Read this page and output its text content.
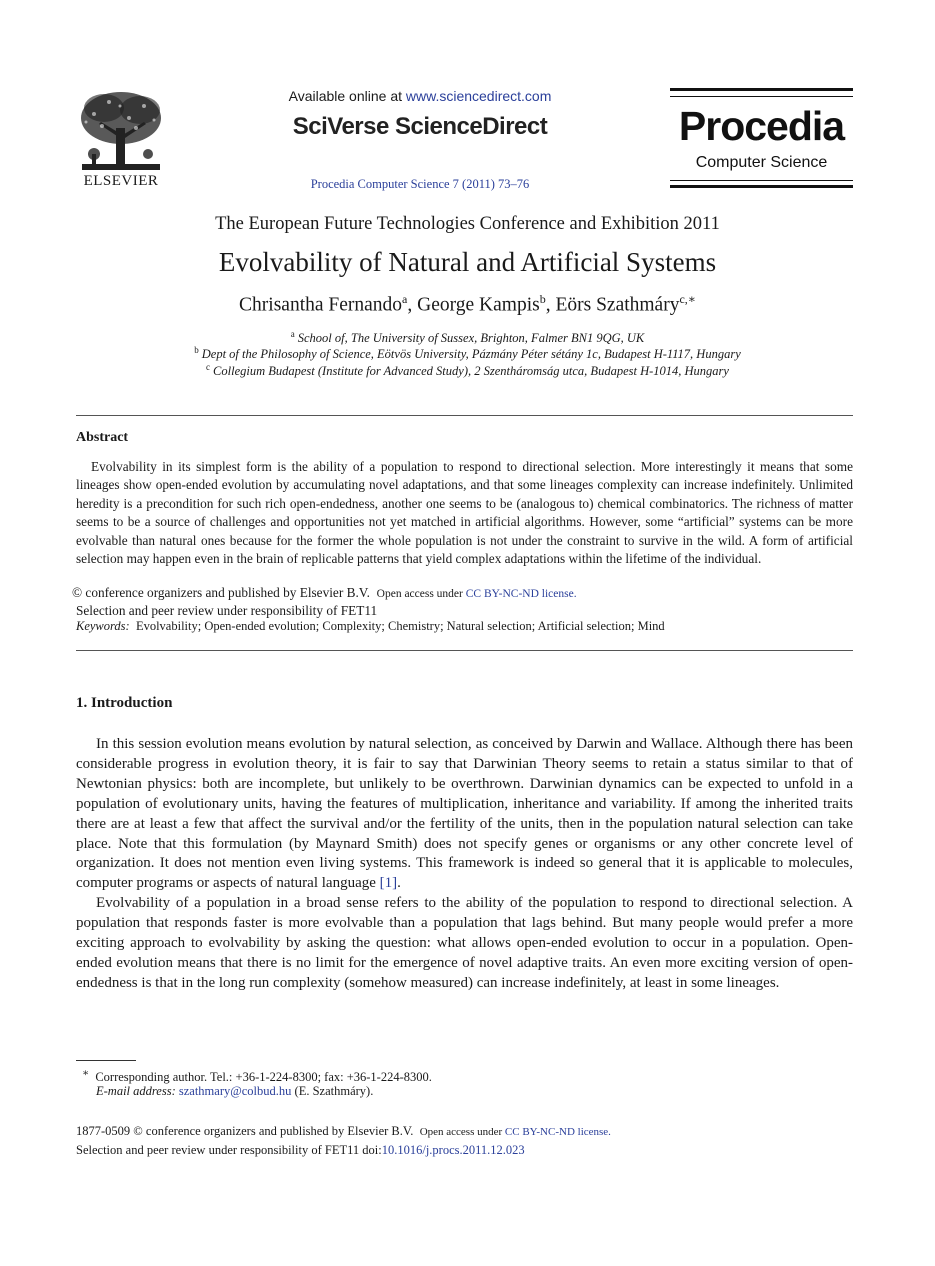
ELSEVIER
Available online at www.sciencedirect.com
SciVerse ScienceDirect
Procedia Computer Science 7 (2011) 73–76
Procedia
Computer Science
The European Future Technologies Conference and Exhibition 2011
Evolvability of Natural and Artificial Systems
Chrisantha Fernando$^a$, George Kampis$^b$, Eörs Szathmáry$^{c,∗}$
$^a$ School of, The University of Sussex, Brighton, Falmer BN1 9QG, UK
$^b$ Dept of the Philosophy of Science, Eötvös University, Pázmány Péter sétány 1c, Budapest H-1117, Hungary
$^c$ Collegium Budapest (Institute for Advanced Study), 2 Szentháromság utca, Budapest H-1014, Hungary
Abstract

Evolvability in its simplest form is the ability of a population to respond to directional selection. More interestingly it means that some lineages show open-ended evolution by accumulating novel adaptations, and that some lineages complexity can increase indefinitely. Unlimited heredity is a precondition for such rich open-endedness, another one seems to be (analogous to) chemical combinatorics. The richness of matter seems to be a source of challenges and opportunities not yet matched in artificial algorithms. However, some “artificial” systems can be more evolvable than natural ones because for the former the whole population is not under the constraint to survive in the wild. A form of artificial selection may happen even in the brain of replicable patterns that yield complex adaptations within the lifetime of the individual.

© conference organizers and published by Elsevier B.V. Open access under CC BY-NC-ND license.
Selection and peer review under responsibility of FET11
Keywords: Evolvability; Open-ended evolution; Complexity; Chemistry; Natural selection; Artificial selection; Mind
1. Introduction

In this session evolution means evolution by natural selection, as conceived by Darwin and Wallace. Although there has been considerable progress in evolution theory, it is fair to say that Darwinian Theory seems to retain a status similar to that of Newtonian physics: both are incomplete, but unlikely to be overthrown. Darwinian dynamics can be expected to unfold in a population of evolutionary units, having the features of multiplication, inheritance and variability. If among the inherited traits there are at least a few that affect the survival and/or the fertility of the units, then in the population natural selection can take place. Note that this formulation (by Maynard Smith) does not specify genes or organisms or any other concrete level of organization. It does not mention even living systems. This framework is indeed so general that it is applicable to molecules, computer programs or aspects of natural language [1].

Evolvability of a population in a broad sense refers to the ability of the population to respond to directional selection. A population that responds faster is more evolvable than a population that lags behind. But many people would prefer a more exciting approach to evolvability by asking the question: what allows open-ended evolution to occur in a population. Open-ended evolution means that there is no limit for the emergence of novel adaptive traits. An even more exciting version of open-endedness is that in the long run complexity (somehow measured) can increase indefinitely, at least in some lineages.

∗ Corresponding author. Tel.: +36-1-224-8300; fax: +36-1-224-8300.
E-mail address: szathmary@colbud.hu (E. Szathmáry).
1877-0509 © conference organizers and published by Elsevier B.V. Open access under CC BY-NC-ND license.
Selection and peer review under responsibility of FET11 doi:10.1016/j.procs.2011.12.023
